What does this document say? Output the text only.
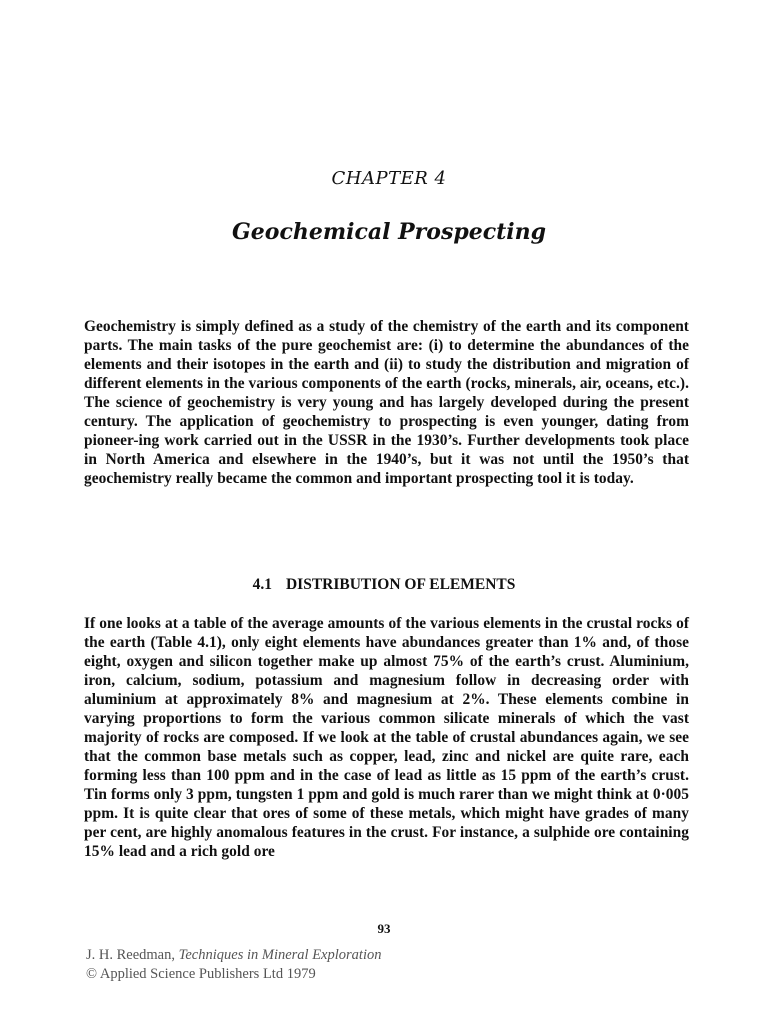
CHAPTER 4
Geochemical Prospecting

Geochemistry is simply defined as a study of the chemistry of the earth and its component parts. The main tasks of the pure geochemist are: (i) to determine the abundances of the elements and their isotopes in the earth and (ii) to study the distribution and migration of different elements in the various components of the earth (rocks, minerals, air, oceans, etc.). The science of geochemistry is very young and has largely developed during the present century. The application of geochemistry to prospecting is even younger, dating from pioneer-ing work carried out in the USSR in the 1930’s. Further developments took place in North America and elsewhere in the 1940’s, but it was not until the 1950’s that geochemistry really became the common and important prospecting tool it is today.

4.1 DISTRIBUTION OF ELEMENTS

If one looks at a table of the average amounts of the various elements in the crustal rocks of the earth (Table 4.1), only eight elements have abundances greater than 1% and, of those eight, oxygen and silicon together make up almost 75% of the earth’s crust. Aluminium, iron, calcium, sodium, potassium and magnesium follow in decreasing order with aluminium at approximately 8% and magnesium at 2%. These elements combine in varying proportions to form the various common silicate minerals of which the vast majority of rocks are composed. If we look at the table of crustal abundances again, we see that the common base metals such as copper, lead, zinc and nickel are quite rare, each forming less than 100 ppm and in the case of lead as little as 15 ppm of the earth’s crust. Tin forms only 3 ppm, tungsten 1 ppm and gold is much rarer than we might think at 0·005 ppm. It is quite clear that ores of some of these metals, which might have grades of many per cent, are highly anomalous features in the crust. For instance, a sulphide ore containing 15% lead and a rich gold ore

93
J. H. Reedman, Techniques in Mineral Exploration
© Applied Science Publishers Ltd 1979
